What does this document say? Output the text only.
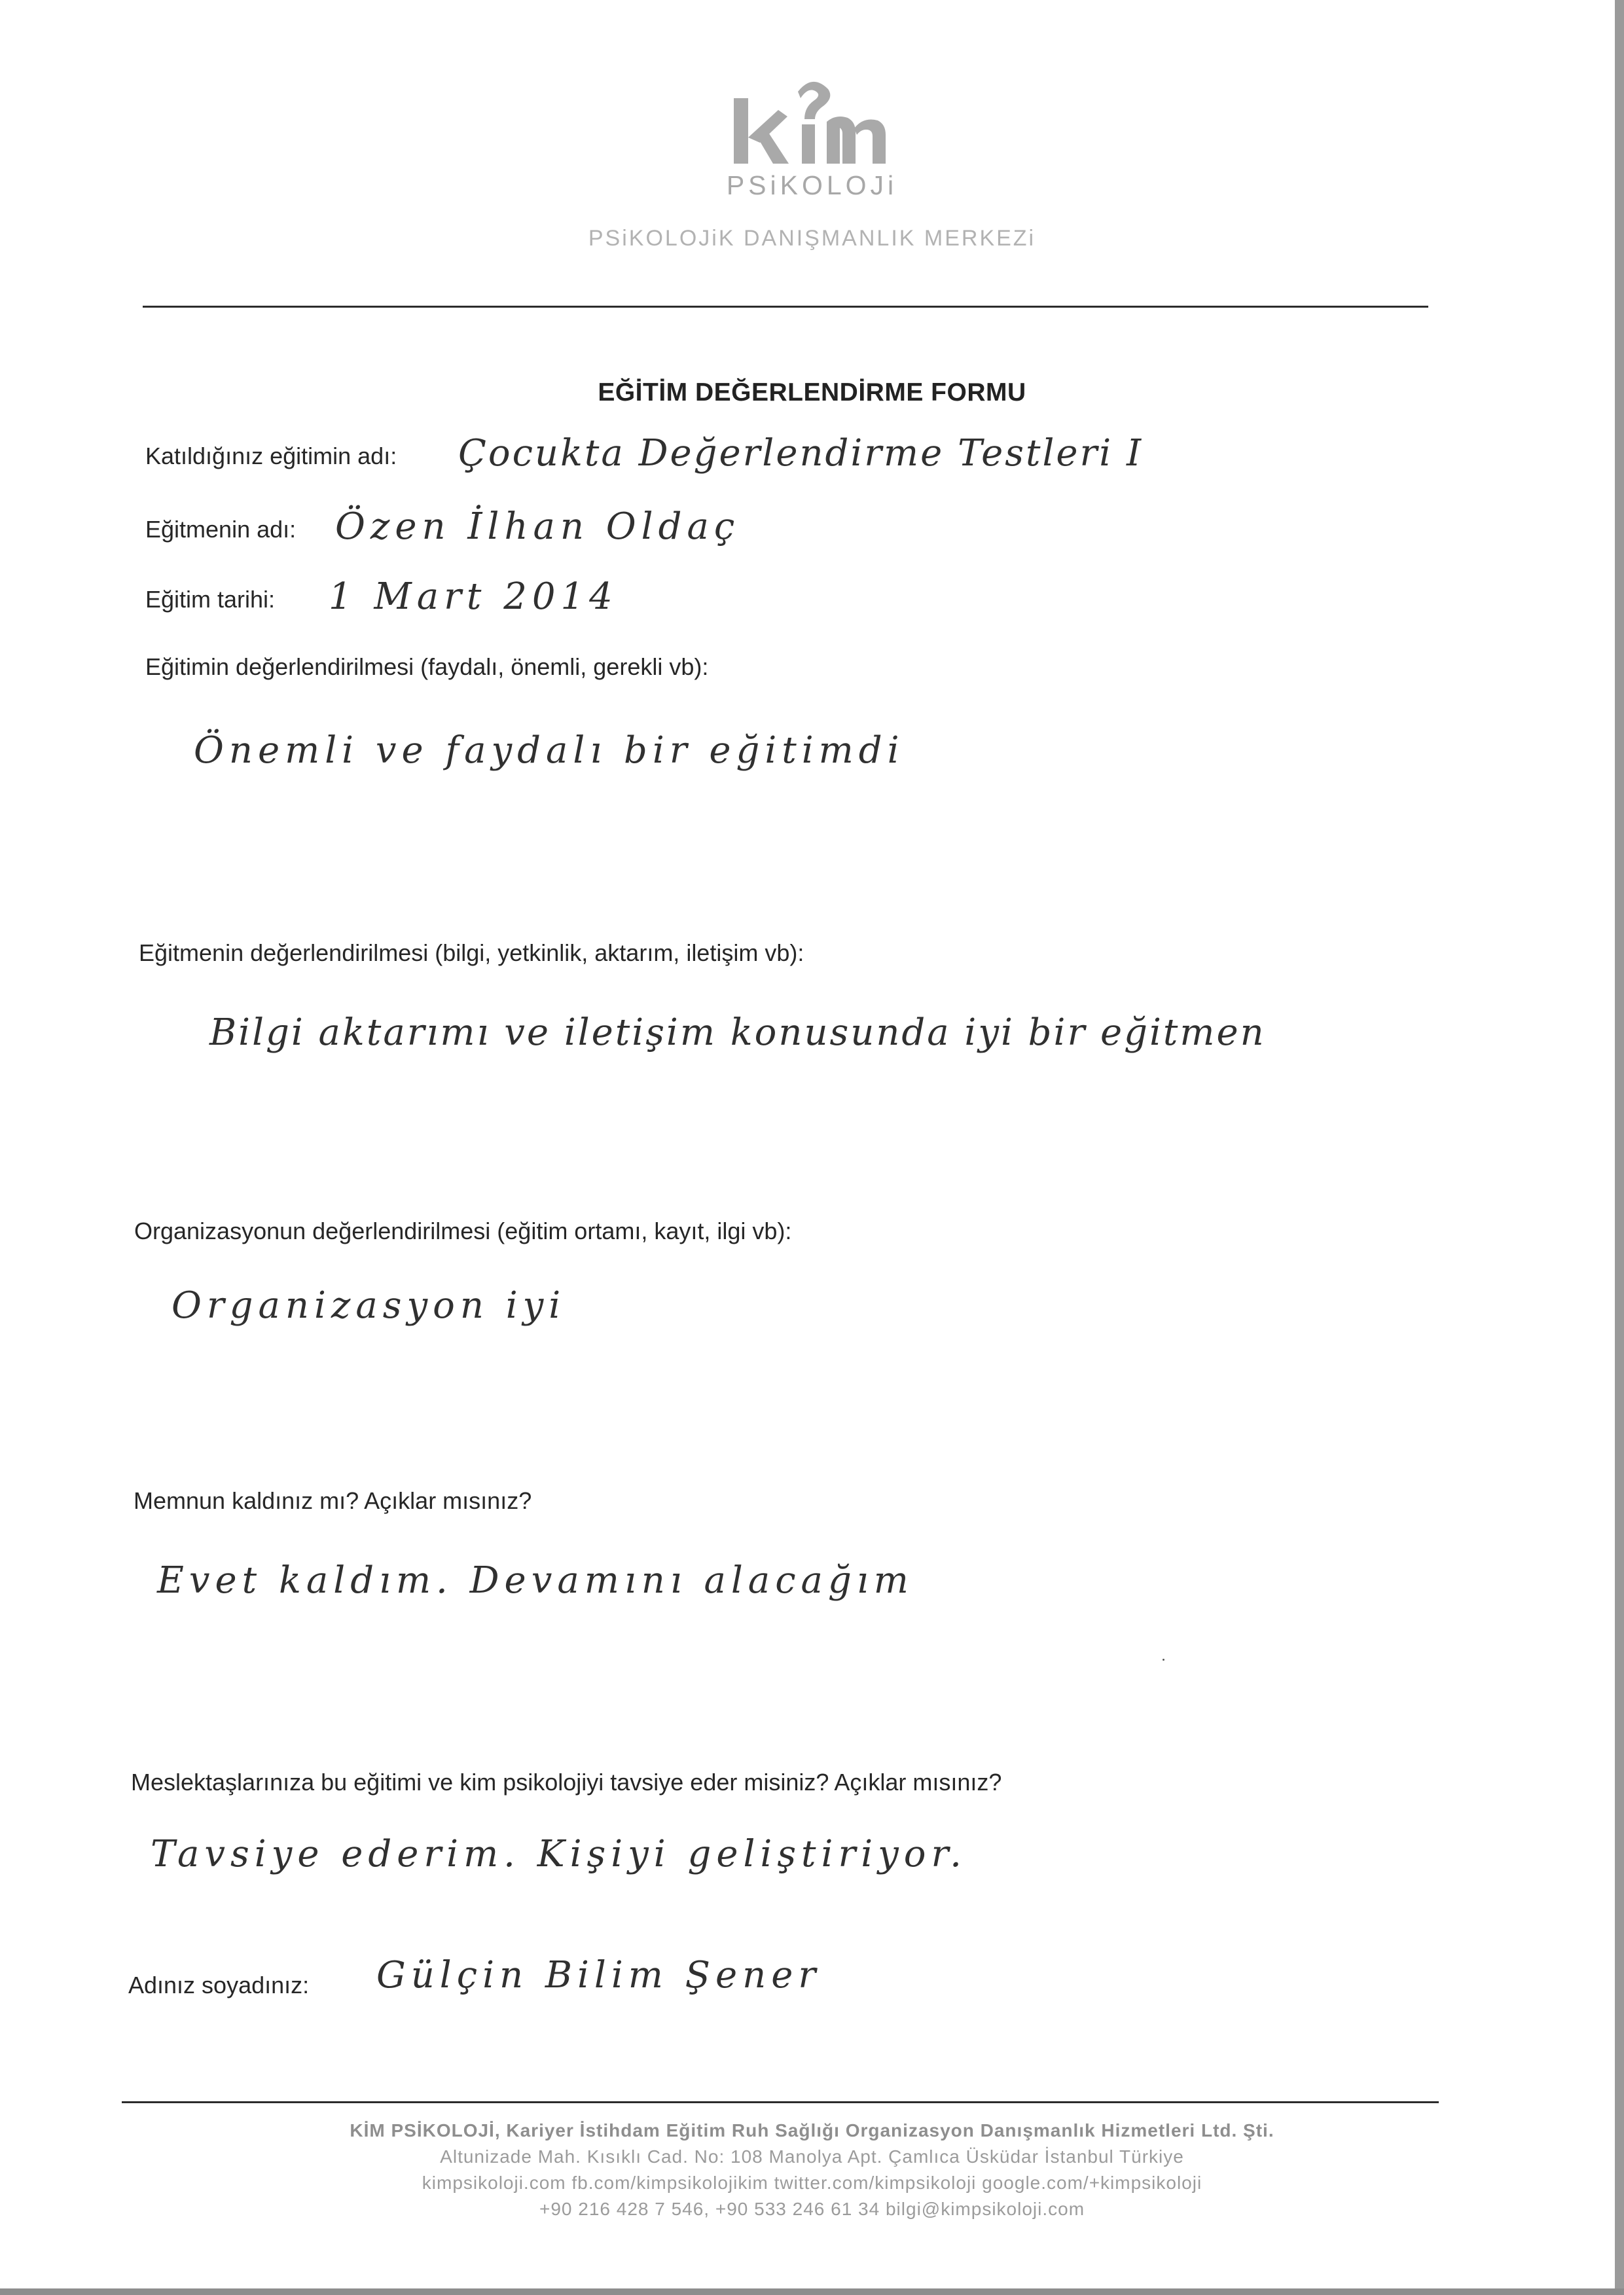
PSiKOLOJi
PSiKOLOJiK DANIŞMANLIK MERKEZi
EĞİTİM DEĞERLENDİRME FORMU
Katıldığınız eğitimin adı: Çocukta Değerlendirme Testleri I
Eğitmenin adı: Özen İlhan Oldaç
Eğitim tarihi: 1 Mart 2014
Eğitimin değerlendirilmesi (faydalı, önemli, gerekli vb):
Önemli ve faydalı bir eğitimdi
Eğitmenin değerlendirilmesi (bilgi, yetkinlik, aktarım, iletişim vb):
Bilgi aktarımı ve iletişim konusunda iyi bir eğitmen
Organizasyonun değerlendirilmesi (eğitim ortamı, kayıt, ilgi vb):
Organizasyon iyi
Memnun kaldınız mı? Açıklar mısınız?
Evet kaldım. Devamını alacağım
Meslektaşlarınıza bu eğitimi ve kim psikolojiyi tavsiye eder misiniz? Açıklar mısınız?
Tavsiye ederim. Kişiyi geliştiriyor.
Adınız soyadınız: Gülçin Bilim Şener
KİM PSİKOLOJİ, Kariyer İstihdam Eğitim Ruh Sağlığı Organizasyon Danışmanlık Hizmetleri Ltd. Şti.
Altunizade Mah. Kısıklı Cad. No: 108 Manolya Apt. Çamlıca Üsküdar İstanbul Türkiye
kimpsikoloji.com fb.com/kimpsikolojikim twitter.com/kimpsikoloji google.com/+kimpsikoloji
+90 216 428 7 546, +90 533 246 61 34 bilgi@kimpsikoloji.com
